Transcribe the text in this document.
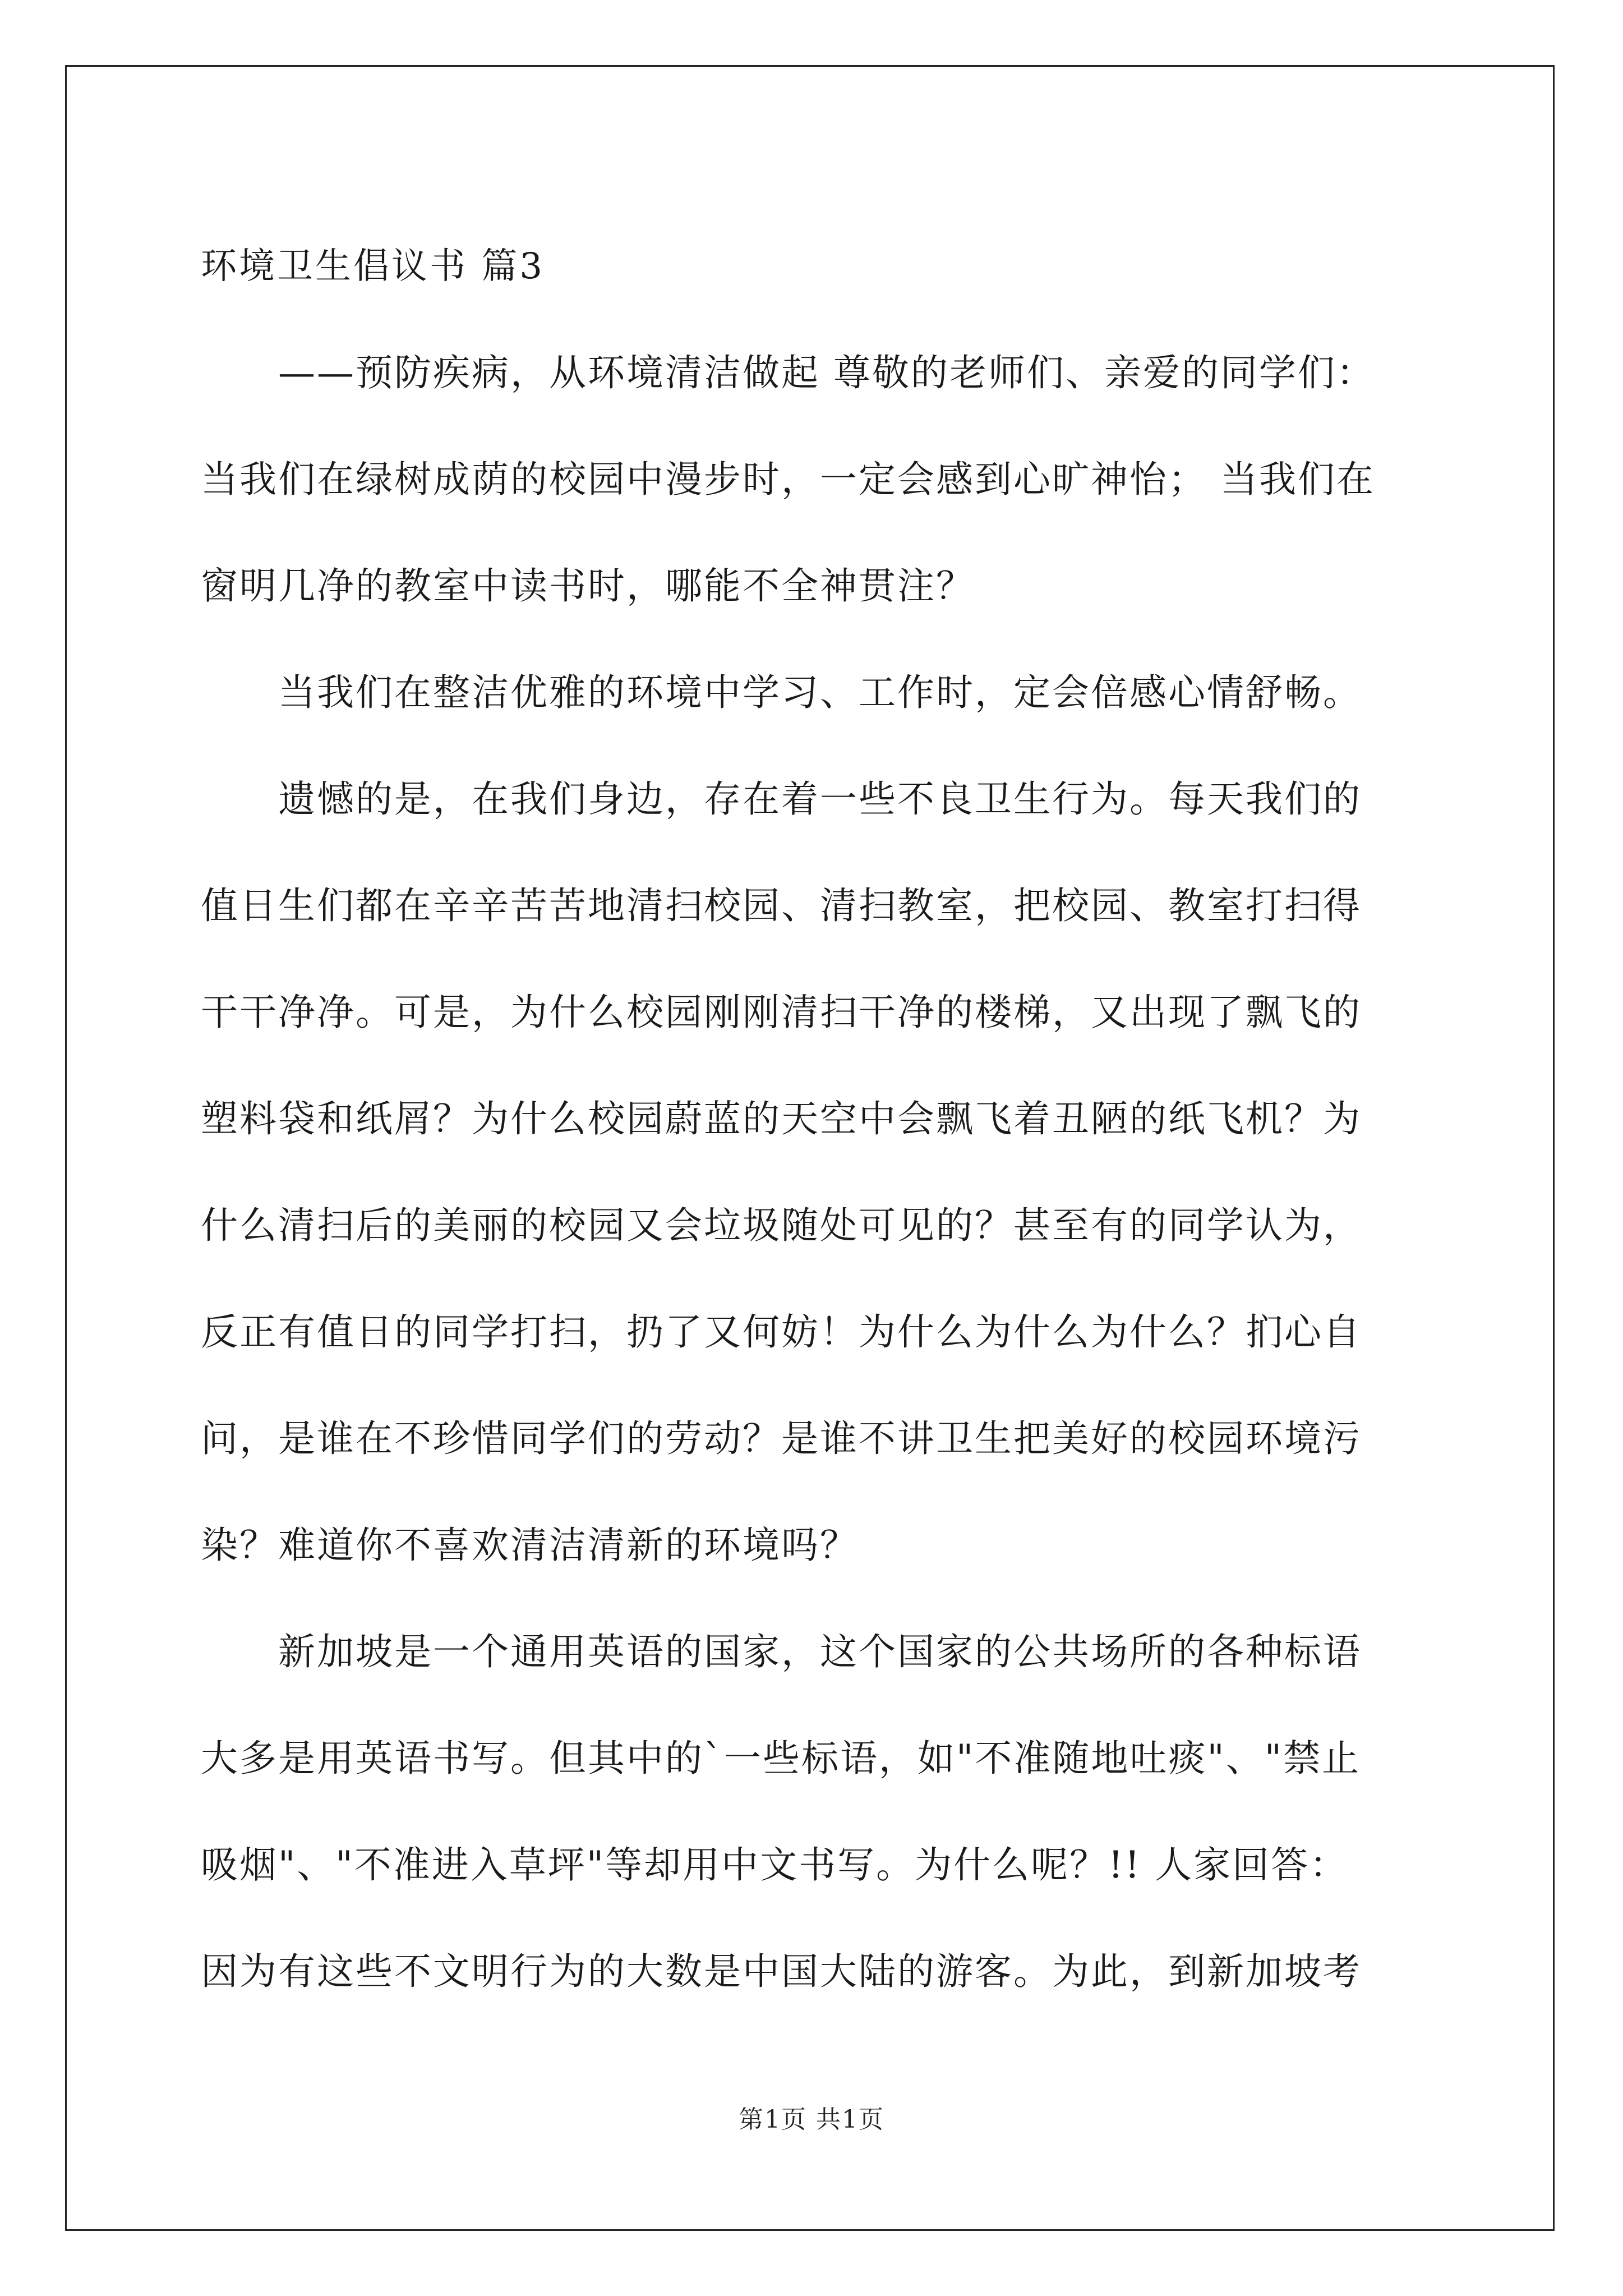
环境卫生倡议书 篇3
——预防疾病，从环境清洁做起 尊敬的老师们、亲爱的同学们：
当我们在绿树成荫的校园中漫步时，一定会感到心旷神怡； 当我们在
窗明几净的教室中读书时，哪能不全神贯注？
当我们在整洁优雅的环境中学习、工作时，定会倍感心情舒畅。
遗憾的是，在我们身边，存在着一些不良卫生行为。每天我们的
值日生们都在辛辛苦苦地清扫校园、清扫教室，把校园、教室打扫得
干干净净。可是，为什么校园刚刚清扫干净的楼梯，又出现了飘飞的
塑料袋和纸屑？为什么校园蔚蓝的天空中会飘飞着丑陋的纸飞机？为
什么清扫后的美丽的校园又会垃圾随处可见的？甚至有的同学认为，
反正有值日的同学打扫，扔了又何妨！为什么为什么为什么？扪心自
问，是谁在不珍惜同学们的劳动？是谁不讲卫生把美好的校园环境污
染？难道你不喜欢清洁清新的环境吗？
新加坡是一个通用英语的国家，这个国家的公共场所的各种标语
大多是用英语书写。但其中的`一些标语，如"不准随地吐痰"、"禁止
吸烟"、"不准进入草坪"等却用中文书写。为什么呢？!! 人家回答：
因为有这些不文明行为的大数是中国大陆的游客。为此，到新加坡考
第1页 共1页
